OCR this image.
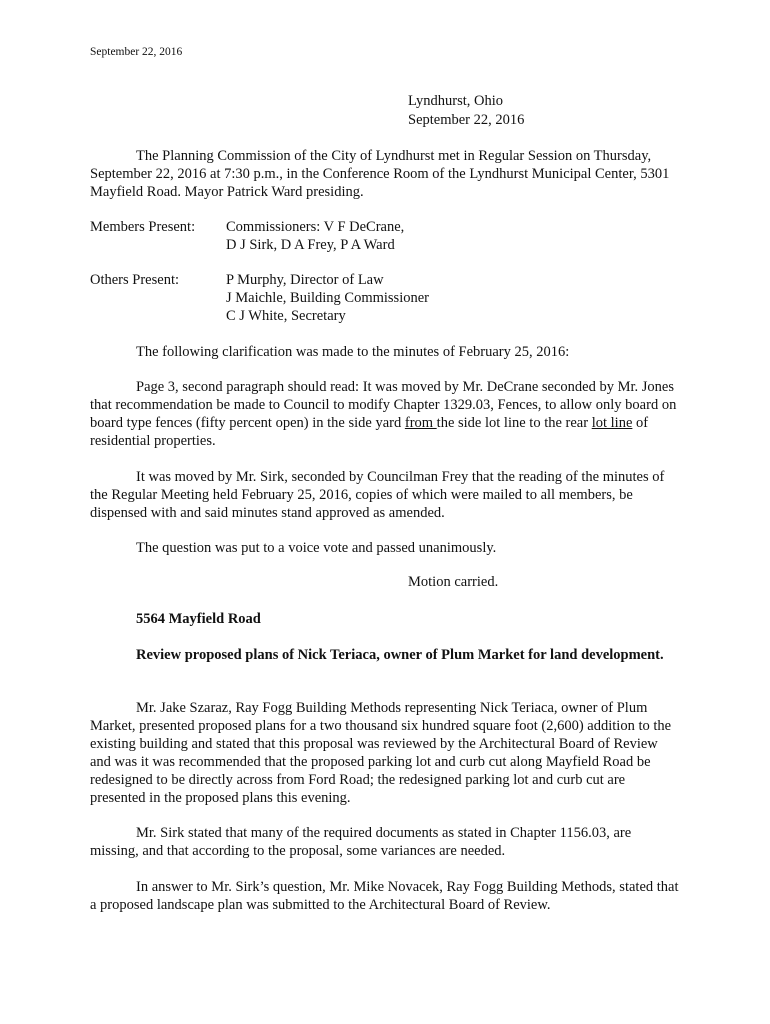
September 22, 2016
Lyndhurst, Ohio
September 22, 2016

The Planning Commission of the City of Lyndhurst met in Regular Session on Thursday, September 22, 2016 at 7:30 p.m., in the Conference Room of the Lyndhurst Municipal Center, 5301 Mayfield Road. Mayor Patrick Ward presiding.

Members Present: Commissioners: V F DeCrane,
D J Sirk, D A Frey, P A Ward
Others Present:	P Murphy, Director of Law
J Maichle, Building Commissioner
C J White, Secretary

The following clarification was made to the minutes of February 25, 2016:

Page 3, second paragraph should read: It was moved by Mr. DeCrane seconded by Mr. Jones that recommendation be made to Council to modify Chapter 1329.03, Fences, to allow only board on board type fences (fifty percent open) in the side yard from the side lot line to the rear lot line of residential properties.

It was moved by Mr. Sirk, seconded by Councilman Frey that the reading of the minutes of the Regular Meeting held February 25, 2016, copies of which were mailed to all members, be dispensed with and said minutes stand approved as amended.

The question was put to a voice vote and passed unanimously.

Motion carried.

5564 Mayfield Road

Review proposed plans of Nick Teriaca, owner of Plum Market for land development.

Mr. Jake Szaraz, Ray Fogg Building Methods representing Nick Teriaca, owner of Plum Market, presented proposed plans for a two thousand six hundred square foot (2,600) addition to the existing building and stated that this proposal was reviewed by the Architectural Board of Review and was it was recommended that the proposed parking lot and curb cut along Mayfield Road be redesigned to be directly across from Ford Road; the redesigned parking lot and curb cut are presented in the proposed plans this evening.

Mr. Sirk stated that many of the required documents as stated in Chapter 1156.03, are missing, and that according to the proposal, some variances are needed.

In answer to Mr. Sirk’s question, Mr. Mike Novacek, Ray Fogg Building Methods, stated that a proposed landscape plan was submitted to the Architectural Board of Review.
